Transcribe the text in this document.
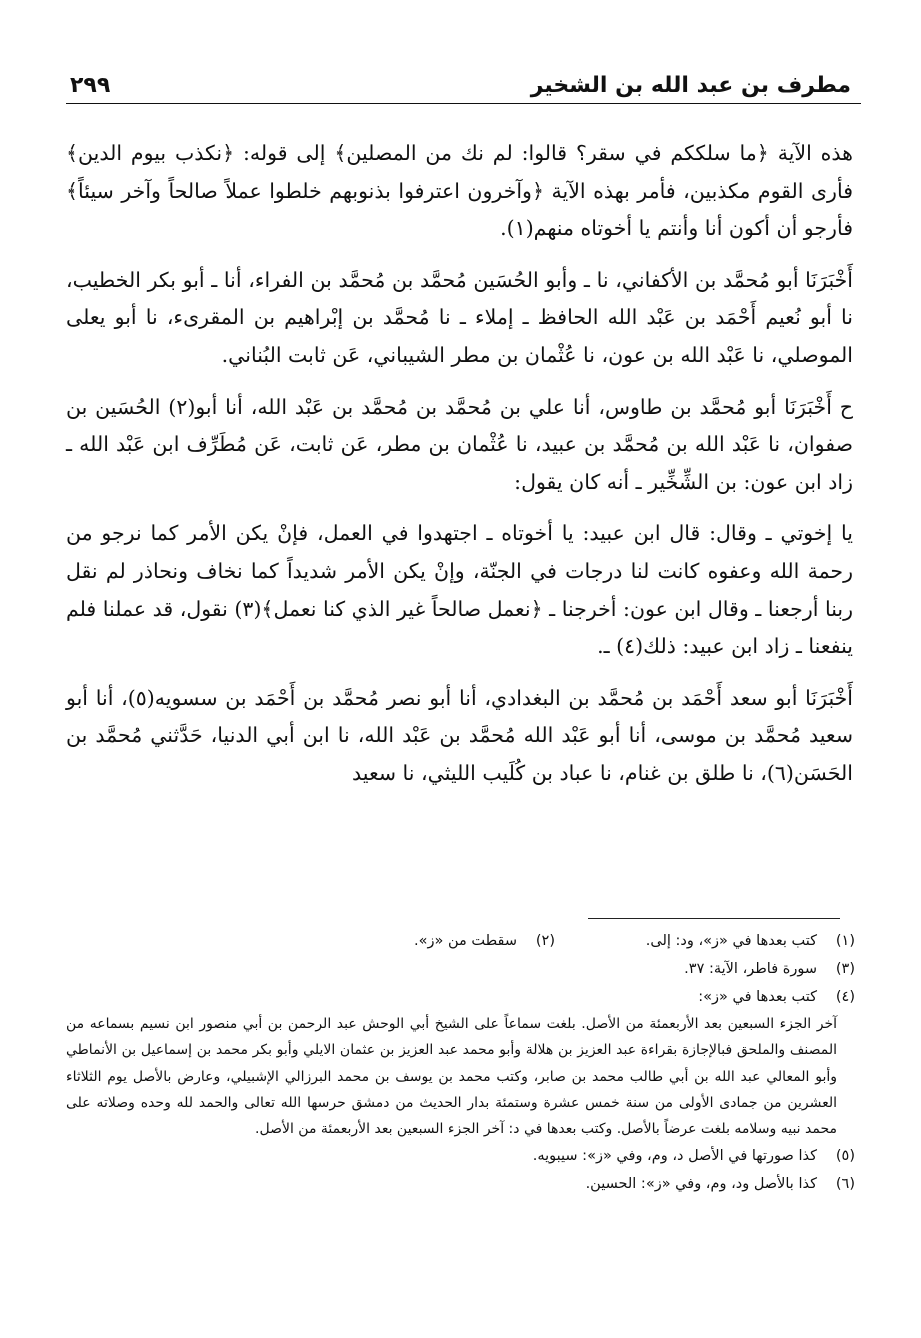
مطرف بن عبد الله بن الشخير
٢٩٩

هذه الآية ﴿ما سلككم في سقر؟ قالوا: لم نك من المصلين﴾ إلى قوله: ﴿نكذب بيوم الدين﴾ فأرى القوم مكذبين، فأمر بهذه الآية ﴿وآخرون اعترفوا بذنوبهم خلطوا عملاً صالحاً وآخر سيئاً﴾ فأرجو أن أكون أنا وأنتم يا أخوتاه منهم(١).

أَخْبَرَنَا أبو مُحمَّد بن الأكفاني، نا ـ وأبو الحُسَين مُحمَّد بن مُحمَّد بن الفراء، أنا ـ أبو بكر الخطيب، نا أبو نُعيم أَحْمَد بن عَبْد الله الحافظ ـ إملاء ـ نا مُحمَّد بن إبْراهيم بن المقرىء، نا أبو يعلى الموصلي، نا عَبْد الله بن عون، نا عُثْمان بن مطر الشيباني، عَن ثابت البُناني.

ح أَخْبَرَنَا أبو مُحمَّد بن طاوس، أنا علي بن مُحمَّد بن مُحمَّد بن عَبْد الله، أنا أبو(٢) الحُسَين بن صفوان، نا عَبْد الله بن مُحمَّد بن عبيد، نا عُثْمان بن مطر، عَن ثابت، عَن مُطَرِّف ابن عَبْد الله ـ زاد ابن عون: بن الشِّخِّير ـ أنه كان يقول:

يا إخوتي ـ وقال: قال ابن عبيد: يا أخوتاه ـ اجتهدوا في العمل، فإنْ يكن الأمر كما نرجو من رحمة الله وعفوه كانت لنا درجات في الجنّة، وإنْ يكن الأمر شديداً كما نخاف ونحاذر لم نقل ربنا أرجعنا ـ وقال ابن عون: أخرجنا ـ ﴿نعمل صالحاً غير الذي كنا نعمل﴾(٣) نقول، قد عملنا فلم ينفعنا ـ زاد ابن عبيد: ذلك(٤) ـ.

أَخْبَرَنَا أبو سعد أَحْمَد بن مُحمَّد بن البغدادي، أنا أبو نصر مُحمَّد بن أَحْمَد بن سسويه(٥)، أنا أبو سعيد مُحمَّد بن موسى، أنا أبو عَبْد الله مُحمَّد بن عَبْد الله، نا ابن أبي الدنيا، حَدَّثني مُحمَّد بن الحَسَن(٦)، نا طلق بن غنام، نا عباد بن كُلَيب الليثي، نا سعيد

(١)
كتب بعدها في «ز»، ود: إلى.
(٢)
سقطت من «ز».
(٣)
سورة فاطر، الآية: ٣٧.
(٤)
كتب بعدها في «ز»:
آخر الجزء السبعين بعد الأربعمئة من الأصل. بلغت سماعاً على الشيخ أبي الوحش عبد الرحمن بن أبي منصور ابن نسيم بسماعه من المصنف والملحق فبالإجازة بقراءة عبد العزيز بن هلالة وأبو محمد عبد العزيز بن عثمان الايلي وأبو بكر محمد بن إسماعيل بن الأنماطي وأبو المعالي عبد الله بن أبي طالب محمد بن صابر، وكتب محمد بن يوسف بن محمد البرزالي الإشبيلي، وعارض بالأصل يوم الثلاثاء العشرين من جمادى الأولى من سنة خمس عشرة وستمئة بدار الحديث من دمشق حرسها الله تعالى والحمد لله وحده وصلاته على محمد نبيه وسلامه بلغت عرضاً بالأصل. وكتب بعدها في د: آخر الجزء السبعين بعد الأربعمئة من الأصل.
(٥)
كذا صورتها في الأصل د، وم، وفي «ز»: سيبويه.
(٦)
كذا بالأصل ود، وم، وفي «ز»: الحسين.
